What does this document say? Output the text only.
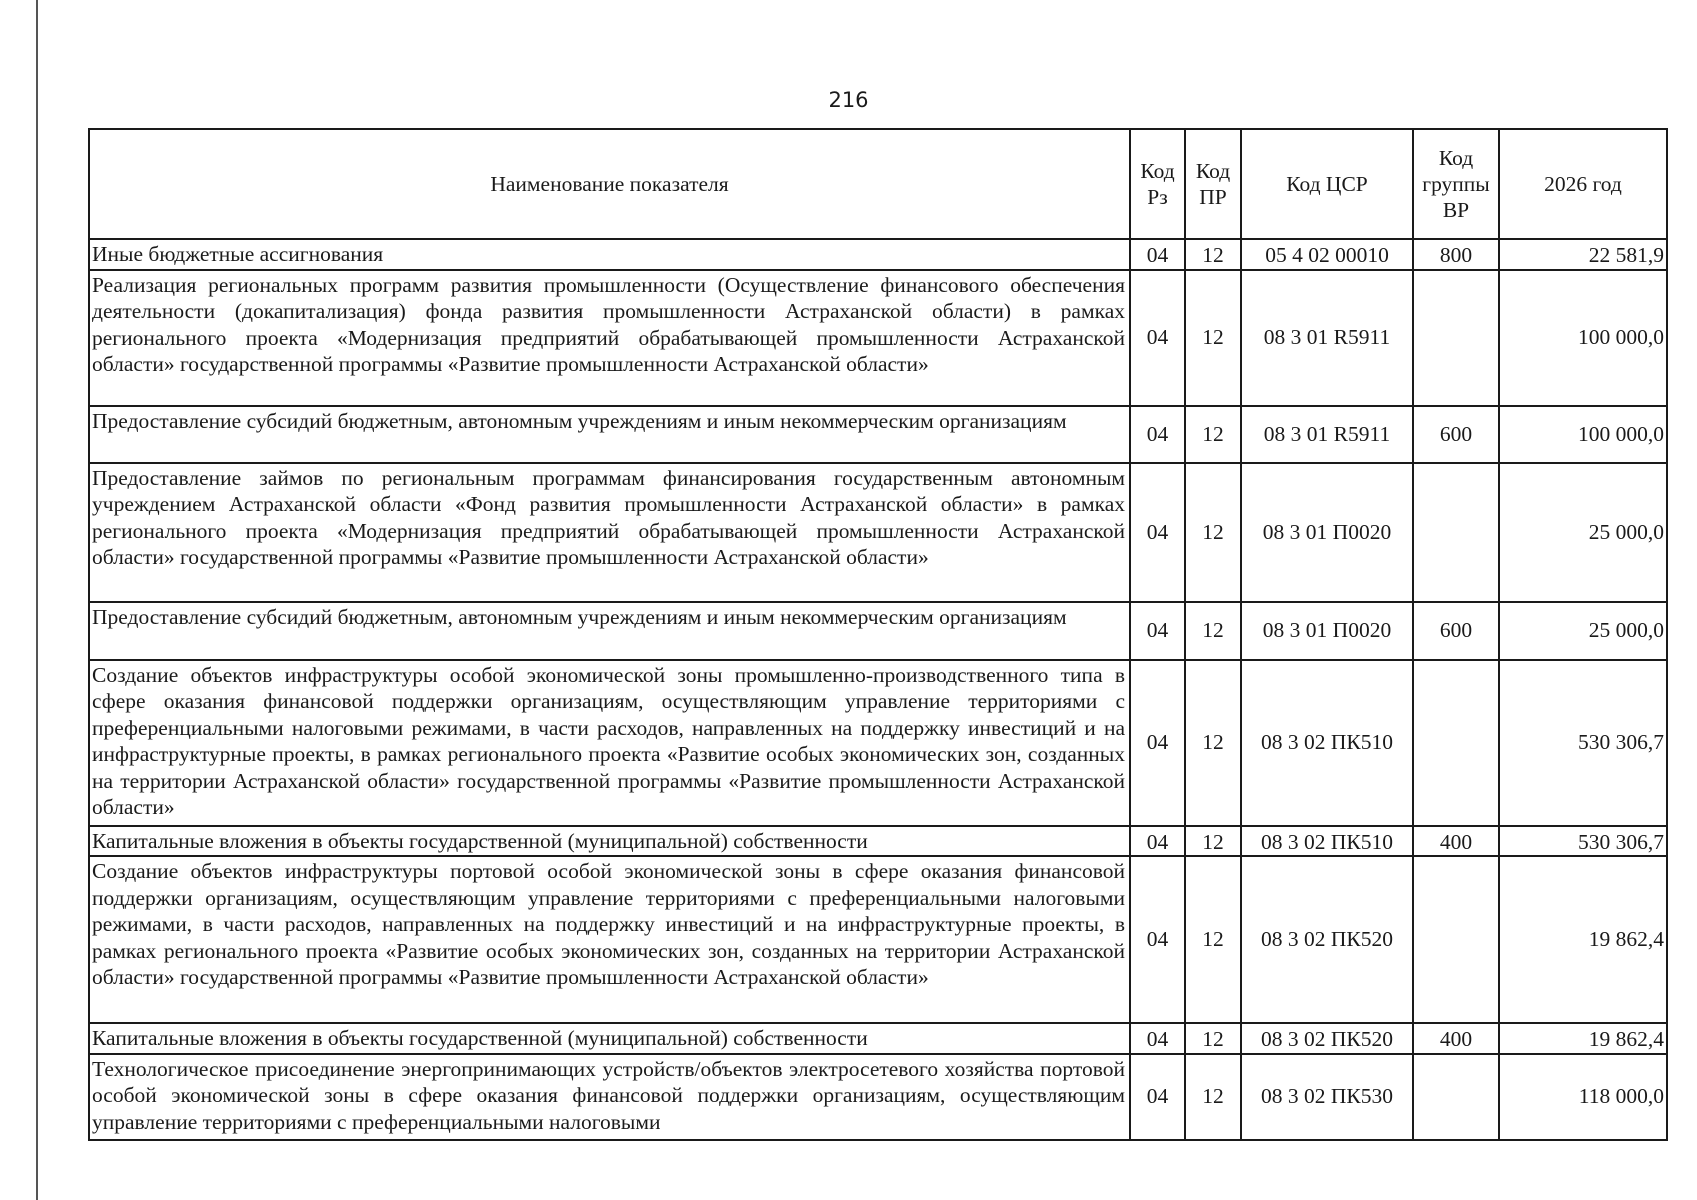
216
Наименование показателя	Код Рз	Код ПР	Код ЦСР	Код группы ВР	2026 год
Иные бюджетные ассигнования	04	12	05 4 02 00010	800	22 581,9
Реализация региональных программ развития промышленности (Осуществление финансового обеспечения деятельности (докапитализация) фонда развития промышленности Астраханской области) в рамках регионального проекта «Модернизация предприятий обрабатывающей промышленности Астраханской области» государственной программы «Развитие промышленности Астраханской области»	04	12	08 3 01 R5911		100 000,0
Предоставление субсидий бюджетным, автономным учреждениям и иным некоммерческим организациям	04	12	08 3 01 R5911	600	100 000,0
Предоставление займов по региональным программам финансирования государственным автономным учреждением Астраханской области «Фонд развития промышленности Астраханской области» в рамках регионального проекта «Модернизация предприятий обрабатывающей промышленности Астраханской области» государственной программы «Развитие промышленности Астраханской области»	04	12	08 3 01 П0020		25 000,0
Предоставление субсидий бюджетным, автономным учреждениям и иным некоммерческим организациям	04	12	08 3 01 П0020	600	25 000,0
Создание объектов инфраструктуры особой экономической зоны промышленно-производственного типа в сфере оказания финансовой поддержки организациям, осуществляющим управление территориями с преференциальными налоговыми режимами, в части расходов, направленных на поддержку инвестиций и на инфраструктурные проекты, в рамках регионального проекта «Развитие особых экономических зон, созданных на территории Астраханской области» государственной программы «Развитие промышленности Астраханской области»	04	12	08 3 02 ПК510		530 306,7
Капитальные вложения в объекты государственной (муниципальной) собственности	04	12	08 3 02 ПК510	400	530 306,7
Создание объектов инфраструктуры портовой особой экономической зоны в сфере оказания финансовой поддержки организациям, осуществляющим управление территориями с преференциальными налоговыми режимами, в части расходов, направленных на поддержку инвестиций и на инфраструктурные проекты, в рамках регионального проекта «Развитие особых экономических зон, созданных на территории Астраханской области» государственной программы «Развитие промышленности Астраханской области»	04	12	08 3 02 ПК520		19 862,4
Капитальные вложения в объекты государственной (муниципальной) собственности	04	12	08 3 02 ПК520	400	19 862,4
Технологическое присоединение энергопринимающих устройств/объектов электросетевого хозяйства портовой особой экономической зоны в сфере оказания финансовой поддержки организациям, осуществляющим управление территориями с преференциальными налоговыми	04	12	08 3 02 ПК530		118 000,0
